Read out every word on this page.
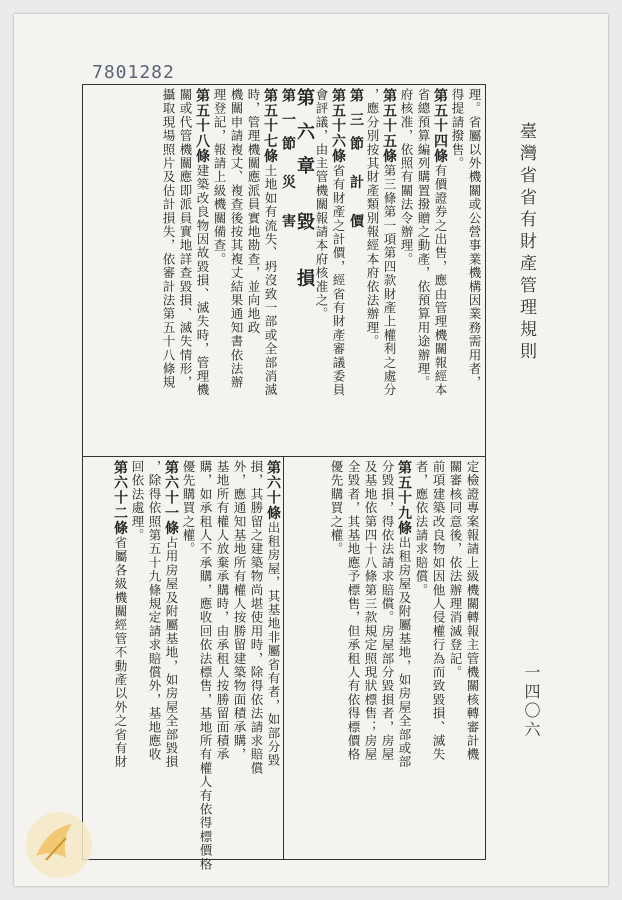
7801282
臺灣省省有財產管理規則
一四〇六
理。省屬以外機關或公營事業機構因業務需用者，
得提請撥售。
第五十四條有價證券之出售，應由管理機關報經本
省總預算編列購置撥贈之動產，依預算用途辦理。
府核准，依照有關法令辦理。
第五十五條第三條第一項第四款財產上權利之處分
，應分別按其財產類別報經本府依法辦理。
第三節 計 價
第五十六條省有財產之計價，經省有財產審議委員
會評議，由主管機關報請本府核准之。
第六章 毀 損
第一節 災 害
第五十七條土地如有流失、坍沒致一部或全部消滅
時，管理機關應派員實地勘查，並向地政
機關申請複丈、複查後按其複丈結果通知書依法辦
理登記，報請上級機關備查。
第五十八條建築改良物因故毀損、滅失時，管理機
關或代管機關應即派員實地詳查毀損、滅失情形，
攝取現場照片及估計損失，依審計法第五十八條規
定檢證專案報請上級機關轉報主管機關核轉審計機
關審核同意後，依法辦理消滅登記。
前項建築改良物如因他人侵權行為而致毀損、滅失
者，應依法請求賠償。
第五十九條出租房屋及附屬基地，如房屋全部或部
分毀損，得依法請求賠償。房屋部分毀損者，房屋
及基地依第四十八條第三款規定照現狀標售；房屋
全毀者，其基地應予標售，但承租人有依得標價格
優先購買之權。
第六十條出租房屋，其基地非屬省有者，如部分毀
損，其勝留之建築物尚堪使用時，除得依法請求賠償
外，應通知基地所有權人按勝留建築物面積承購，
基地所有權人放棄承購時，由承租人按勝留面積承
購，如承租人不承購，應收回依法標售，基地所有權人有依得標價格
優先購買之權。
第六十一條占用房屋及附屬基地，如房屋全部毀損
，除得依照第五十九條規定請求賠償外，基地應收
回依法處理。
第六十二條省屬各級機關經管不動產以外之省有財
